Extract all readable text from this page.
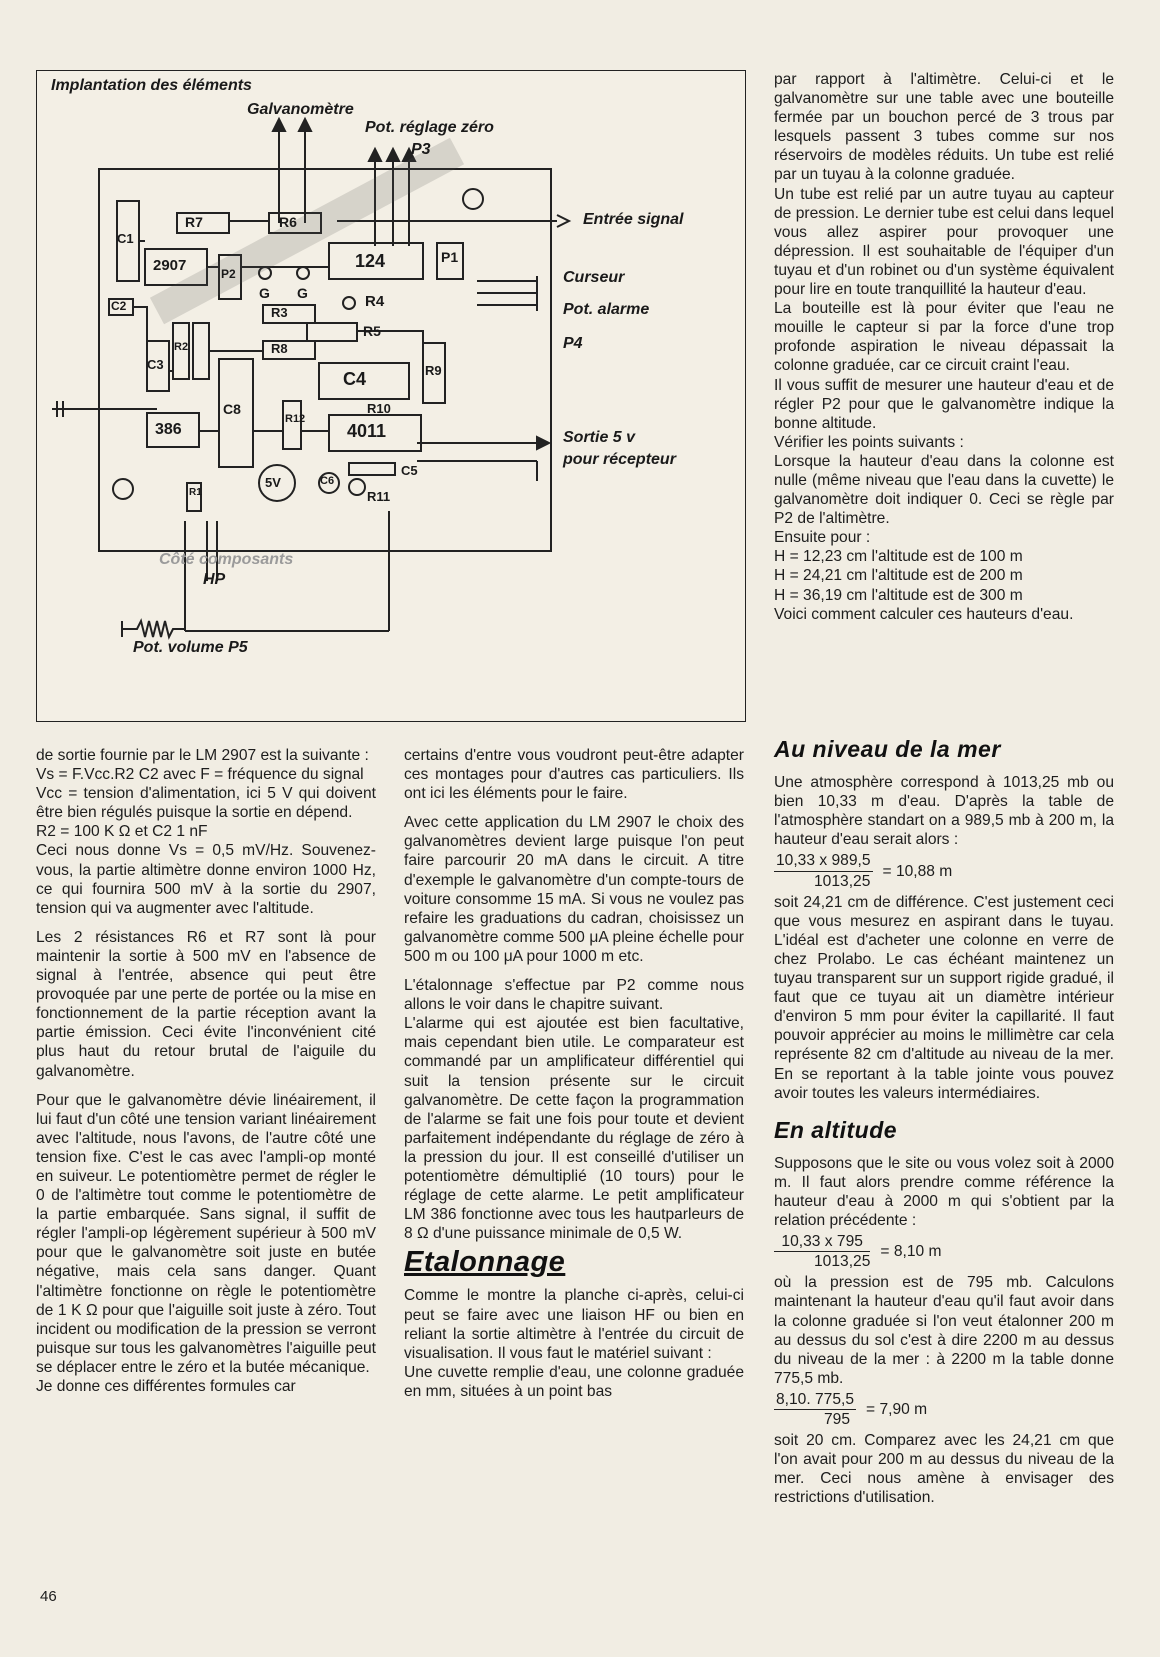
Implantation des éléments
Galvanomètre
Pot. réglage zéro
P3
Entrée signal
Curseur
Pot. alarme
P4
Sortie 5 v
pour récepteur
Côté composants
HP
Pot. volume P5
R7	R6
R3
R8
R9
C1
C2
C3
C4
C5
C6
C8
2907	124
386	4011
P1
P2
R2
R4
R5
R10
R11
R12
R1
G G
5V

par rapport à l'altimètre. Celui-ci et le galvanomètre sur une table avec une bouteille fermée par un bouchon percé de 3 trous par lesquels passent 3 tubes comme sur nos réservoirs de modèles réduits. Un tube est relié par un tuyau à la colonne graduée.

Un tube est relié par un autre tuyau au capteur de pression. Le dernier tube est celui dans lequel vous allez aspirer pour provoquer une dépression. Il est souhaitable de l'équiper d'un tuyau et d'un robinet ou d'un système équivalent pour lire en toute tranquillité la hauteur d'eau.

La bouteille est là pour éviter que l'eau ne mouille le capteur si par la force d'une trop profonde aspiration le niveau dépassait la colonne graduée, car ce circuit craint l'eau.

Il vous suffit de mesurer une hauteur d'eau et de régler P2 pour que le galvanomètre indique la bonne altitude.

Vérifier les points suivants :

Lorsque la hauteur d'eau dans la colonne est nulle (même niveau que l'eau dans la cuvette) le galvanomètre doit indiquer 0. Ceci se règle par P2 de l'altimètre.

Ensuite pour :

H = 12,23 cm l'altitude est de 100 m

H = 24,21 cm l'altitude est de 200 m

H = 36,19 cm l'altitude est de 300 m

Voici comment calculer ces hauteurs d'eau.

de sortie fournie par le LM 2907 est la suivante :

Vs = F.Vcc.R2 C2 avec F = fréquence du signal

Vcc = tension d'alimentation, ici 5 V qui doivent être bien régulés puisque la sortie en dépend.

R2 = 100 K Ω et C2 1 nF

Ceci nous donne Vs = 0,5 mV/Hz. Souvenez-vous, la partie altimètre donne environ 1000 Hz, ce qui fournira 500 mV à la sortie du 2907, tension qui va augmenter avec l'altitude.

Les 2 résistances R6 et R7 sont là pour maintenir la sortie à 500 mV en l'absence de signal à l'entrée, absence qui peut être provoquée par une perte de portée ou la mise en fonctionnement de la partie réception avant la partie émission. Ceci évite l'inconvénient cité plus haut du retour brutal de l'aiguile du galvanomètre.

Pour que le galvanomètre dévie linéairement, il lui faut d'un côté une tension variant linéairement avec l'altitude, nous l'avons, de l'autre côté une tension fixe. C'est le cas avec l'ampli-op monté en suiveur. Le potentiomètre permet de régler le 0 de l'altimètre tout comme le potentiomètre de la partie embarquée. Sans signal, il suffit de régler l'ampli-op légèrement supérieur à 500 mV pour que le galvanomètre soit juste en butée négative, mais cela sans danger. Quant l'altimètre fonctionne on règle le potentiomètre de 1 K Ω pour que l'aiguille soit juste à zéro. Tout incident ou modification de la pression se verront puisque sur tous les galvanomètres l'aiguille peut se déplacer entre le zéro et la butée mécanique.

Je donne ces différentes formules car

certains d'entre vous voudront peut-être adapter ces montages pour d'autres cas particuliers. Ils ont ici les éléments pour le faire.

Avec cette application du LM 2907 le choix des galvanomètres devient large puisque l'on peut faire parcourir 20 mA dans le circuit. A titre d'exemple le galvanomètre d'un compte-tours de voiture consomme 15 mA. Si vous ne voulez pas refaire les graduations du cadran, choisissez un galvanomètre comme 500 μA pleine échelle pour 500 m ou 100 μA pour 1000 m etc.

L'étalonnage s'effectue par P2 comme nous allons le voir dans le chapitre suivant.

L'alarme qui est ajoutée est bien facultative, mais cependant bien utile. Le comparateur est commandé par un amplificateur différentiel qui suit la tension présente sur le circuit galvanomètre. De cette façon la programmation de l'alarme se fait une fois pour toute et devient parfaitement indépendante du réglage de zéro à la pression du jour. Il est conseillé d'utiliser un potentiomètre démultiplié (10 tours) pour le réglage de cette alarme. Le petit amplificateur LM 386 fonctionne avec tous les hautparleurs de 8 Ω d'une puissance minimale de 0,5 W.

Etalonnage

Comme le montre la planche ci-après, celui-ci peut se faire avec une liaison HF ou bien en reliant la sortie altimètre à l'entrée du circuit de visualisation. Il vous faut le matériel suivant :

Une cuvette remplie d'eau, une colonne graduée en mm, situées à un point bas

Au niveau de la mer

Une atmosphère correspond à 1013,25 mb ou bien 10,33 m d'eau. D'après la table de l'atmosphère standart on a 989,5 mb à 200 m, la hauteur d'eau serait alors :

$\frac{10,33 x 989,5}{1013,25} = 10,88$ m

soit 24,21 cm de différence. C'est justement ceci que vous mesurez en aspirant dans le tuyau. L'idéal est d'acheter une colonne en verre de chez Prolabo. Le cas échéant maintenez un tuyau transparent sur un support rigide gradué, il faut que ce tuyau ait un diamètre intérieur d'environ 5 mm pour éviter la capillarité. Il faut pouvoir apprécier au moins le millimètre car cela représente 82 cm d'altitude au niveau de la mer. En se reportant à la table jointe vous pouvez avoir toutes les valeurs intermédiaires.

En altitude

Supposons que le site ou vous volez soit à 2000 m. Il faut alors prendre comme référence la hauteur d'eau à 2000 m qui s'obtient par la relation précédente :

$\frac{10,33 x 795}{1013,25} = 8,10$ m

où la pression est de 795 mb. Calculons maintenant la hauteur d'eau qu'il faut avoir dans la colonne graduée si l'on veut étalonner 200 m au dessus du sol c'est à dire 2200 m au dessus du niveau de la mer : à 2200 m la table donne 775,5 mb.

$\frac{8,10. 775,5}{795} = 7,90$ m

soit 20 cm. Comparez avec les 24,21 cm que l'on avait pour 200 m au dessus du niveau de la mer. Ceci nous amène à envisager des restrictions d'utilisation.

46
